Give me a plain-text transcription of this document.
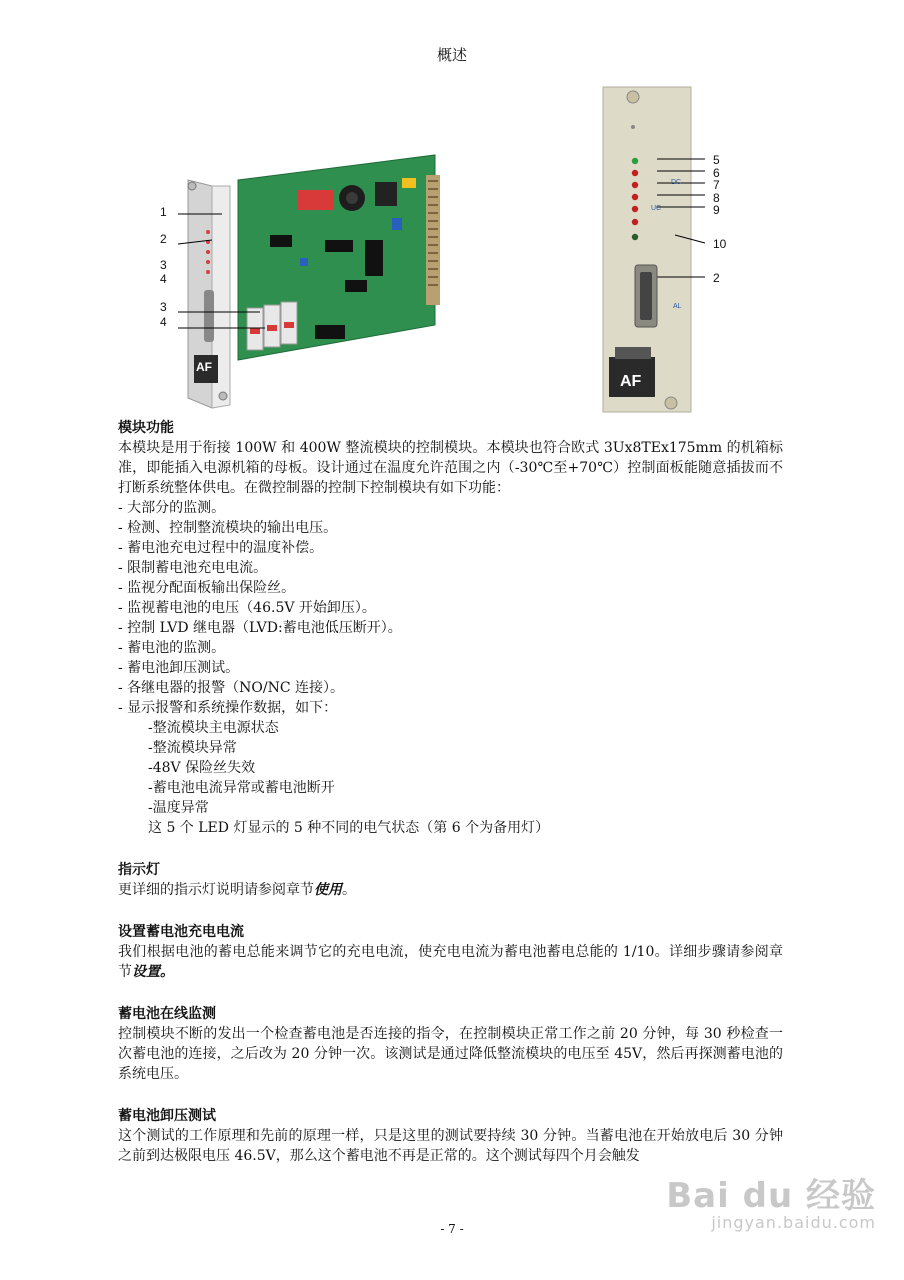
概述
1
2
3
4
3
4
AF
5
6
7
8
9
10
2
DC
UC
AL
AF
模块功能

本模块是用于衔接 100W 和 400W 整流模块的控制模块。本模块也符合欧式 3Ux8TEx175mm 的机箱标准，即能插入电源机箱的母板。设计通过在温度允许范围之内（-30℃至+70℃）控制面板能随意插拔而不打断系统整体供电。在微控制器的控制下控制模块有如下功能：

- 大部分的监测。
- 检测、控制整流模块的输出电压。
- 蓄电池充电过程中的温度补偿。
- 限制蓄电池充电电流。
- 监视分配面板输出保险丝。
- 监视蓄电池的电压（46.5V 开始卸压）。
- 控制 LVD 继电器（LVD:蓄电池低压断开）。
- 蓄电池的监测。
- 蓄电池卸压测试。
- 各继电器的报警（NO/NC 连接）。
- 显示报警和系统操作数据，如下：
-整流模块主电源状态
-整流模块异常
-48V 保险丝失效
-蓄电池电流异常或蓄电池断开
-温度异常
这 5 个 LED 灯显示的 5 种不同的电气状态（第 6 个为备用灯）
指示灯

更详细的指示灯说明请参阅章节使用。

设置蓄电池充电电流

我们根据电池的蓄电总能来调节它的充电电流，使充电电流为蓄电池蓄电总能的 1/10。详细步骤请参阅章节设置。

蓄电池在线监测

控制模块不断的发出一个检查蓄电池是否连接的指令，在控制模块正常工作之前 20 分钟，每 30 秒检查一次蓄电池的连接，之后改为 20 分钟一次。该测试是通过降低整流模块的电压至 45V，然后再探测蓄电池的系统电压。

蓄电池卸压测试

这个测试的工作原理和先前的原理一样，只是这里的测试要持续 30 分钟。当蓄电池在开始放电后 30 分钟之前到达极限电压 46.5V，那么这个蓄电池不再是正常的。这个测试每四个月会触发

- 7 -
Bai du 经验
jingyan.baidu.com
